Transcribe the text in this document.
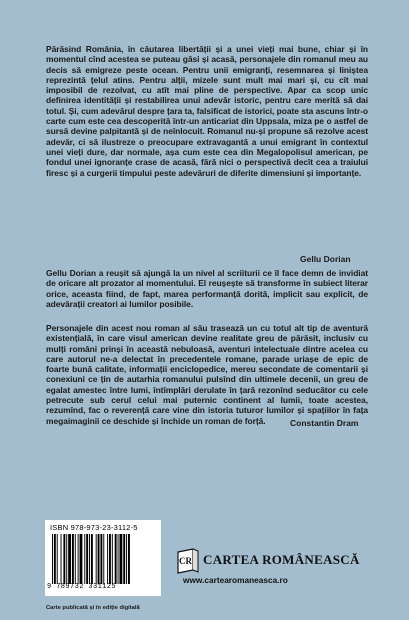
Părăsind România, în căutarea libertății și a unei vieți mai bune, chiar și în momentul cînd acestea se puteau găsi și acasă, personajele din romanul meu au decis să emigreze peste ocean. Pentru unii emigranți, resemnarea și liniștea reprezintă țelul atins. Pentru alții, mizele sunt mult mai mari și, cu cît mai imposibil de rezolvat, cu atît mai pline de perspective. Apar ca scop unic definirea identității și restabilirea unui adevăr istoric, pentru care merită să dai totul. Și, cum adevărul despre țara ta, falsificat de istorici, poate sta ascuns într-o carte cum este cea descoperită într-un anticariat din Uppsala, miza pe o astfel de sursă devine palpitantă și de neînlocuit. Romanul nu-și propune să rezolve acest adevăr, ci să ilustreze o preocupare extravagantă a unui emigrant în contextul unei vieți dure, dar normale, așa cum este cea din Megalopolisul american, pe fondul unei ignoranțe crase de acasă, fără nici o perspectivă decît cea a traiului firesc și a curgerii timpului peste adevăruri de diferite dimensiuni și importanțe.
Gellu Dorian
Gellu Dorian a reușit să ajungă la un nivel al scriiturii ce îl face demn de invidiat de oricare alt prozator al momentului. El reușește să transforme în subiect literar orice, aceasta fiind, de fapt, marea performanță dorită, implicit sau explicit, de adevărații creatori ai lumilor posibile.
Personajele din acest nou roman al său trasează un cu totul alt tip de aventură existențială, în care visul american devine realitate greu de părăsit, inclusiv cu mulți români prinși în această nebuloasă, aventuri intelectuale dintre acelea cu care autorul ne-a delectat în precedentele romane, parade uriașe de epic de foarte bună calitate, informații enciclopedice, mereu secondate de comentarii și conexiuni ce țin de autarhia romanului pulsînd din ultimele decenii, un greu de egalat amestec între lumi, întîmplări derulate în țară rezonînd seducător cu cele petrecute sub cerul celui mai puternic continent al lumii, toate acestea, rezumînd, fac o reverență care vine din istoria tuturor lumilor și spațiilor în fața megaimaginii ce deschide și închide un roman de forță.	Constantin Dram
ISBN 978-973-23-3112-5
9 789732 331125
Carte publicată și în ediție digitală
CR CARTEA ROMÂNEASCĂ
www.cartearomaneasca.ro
